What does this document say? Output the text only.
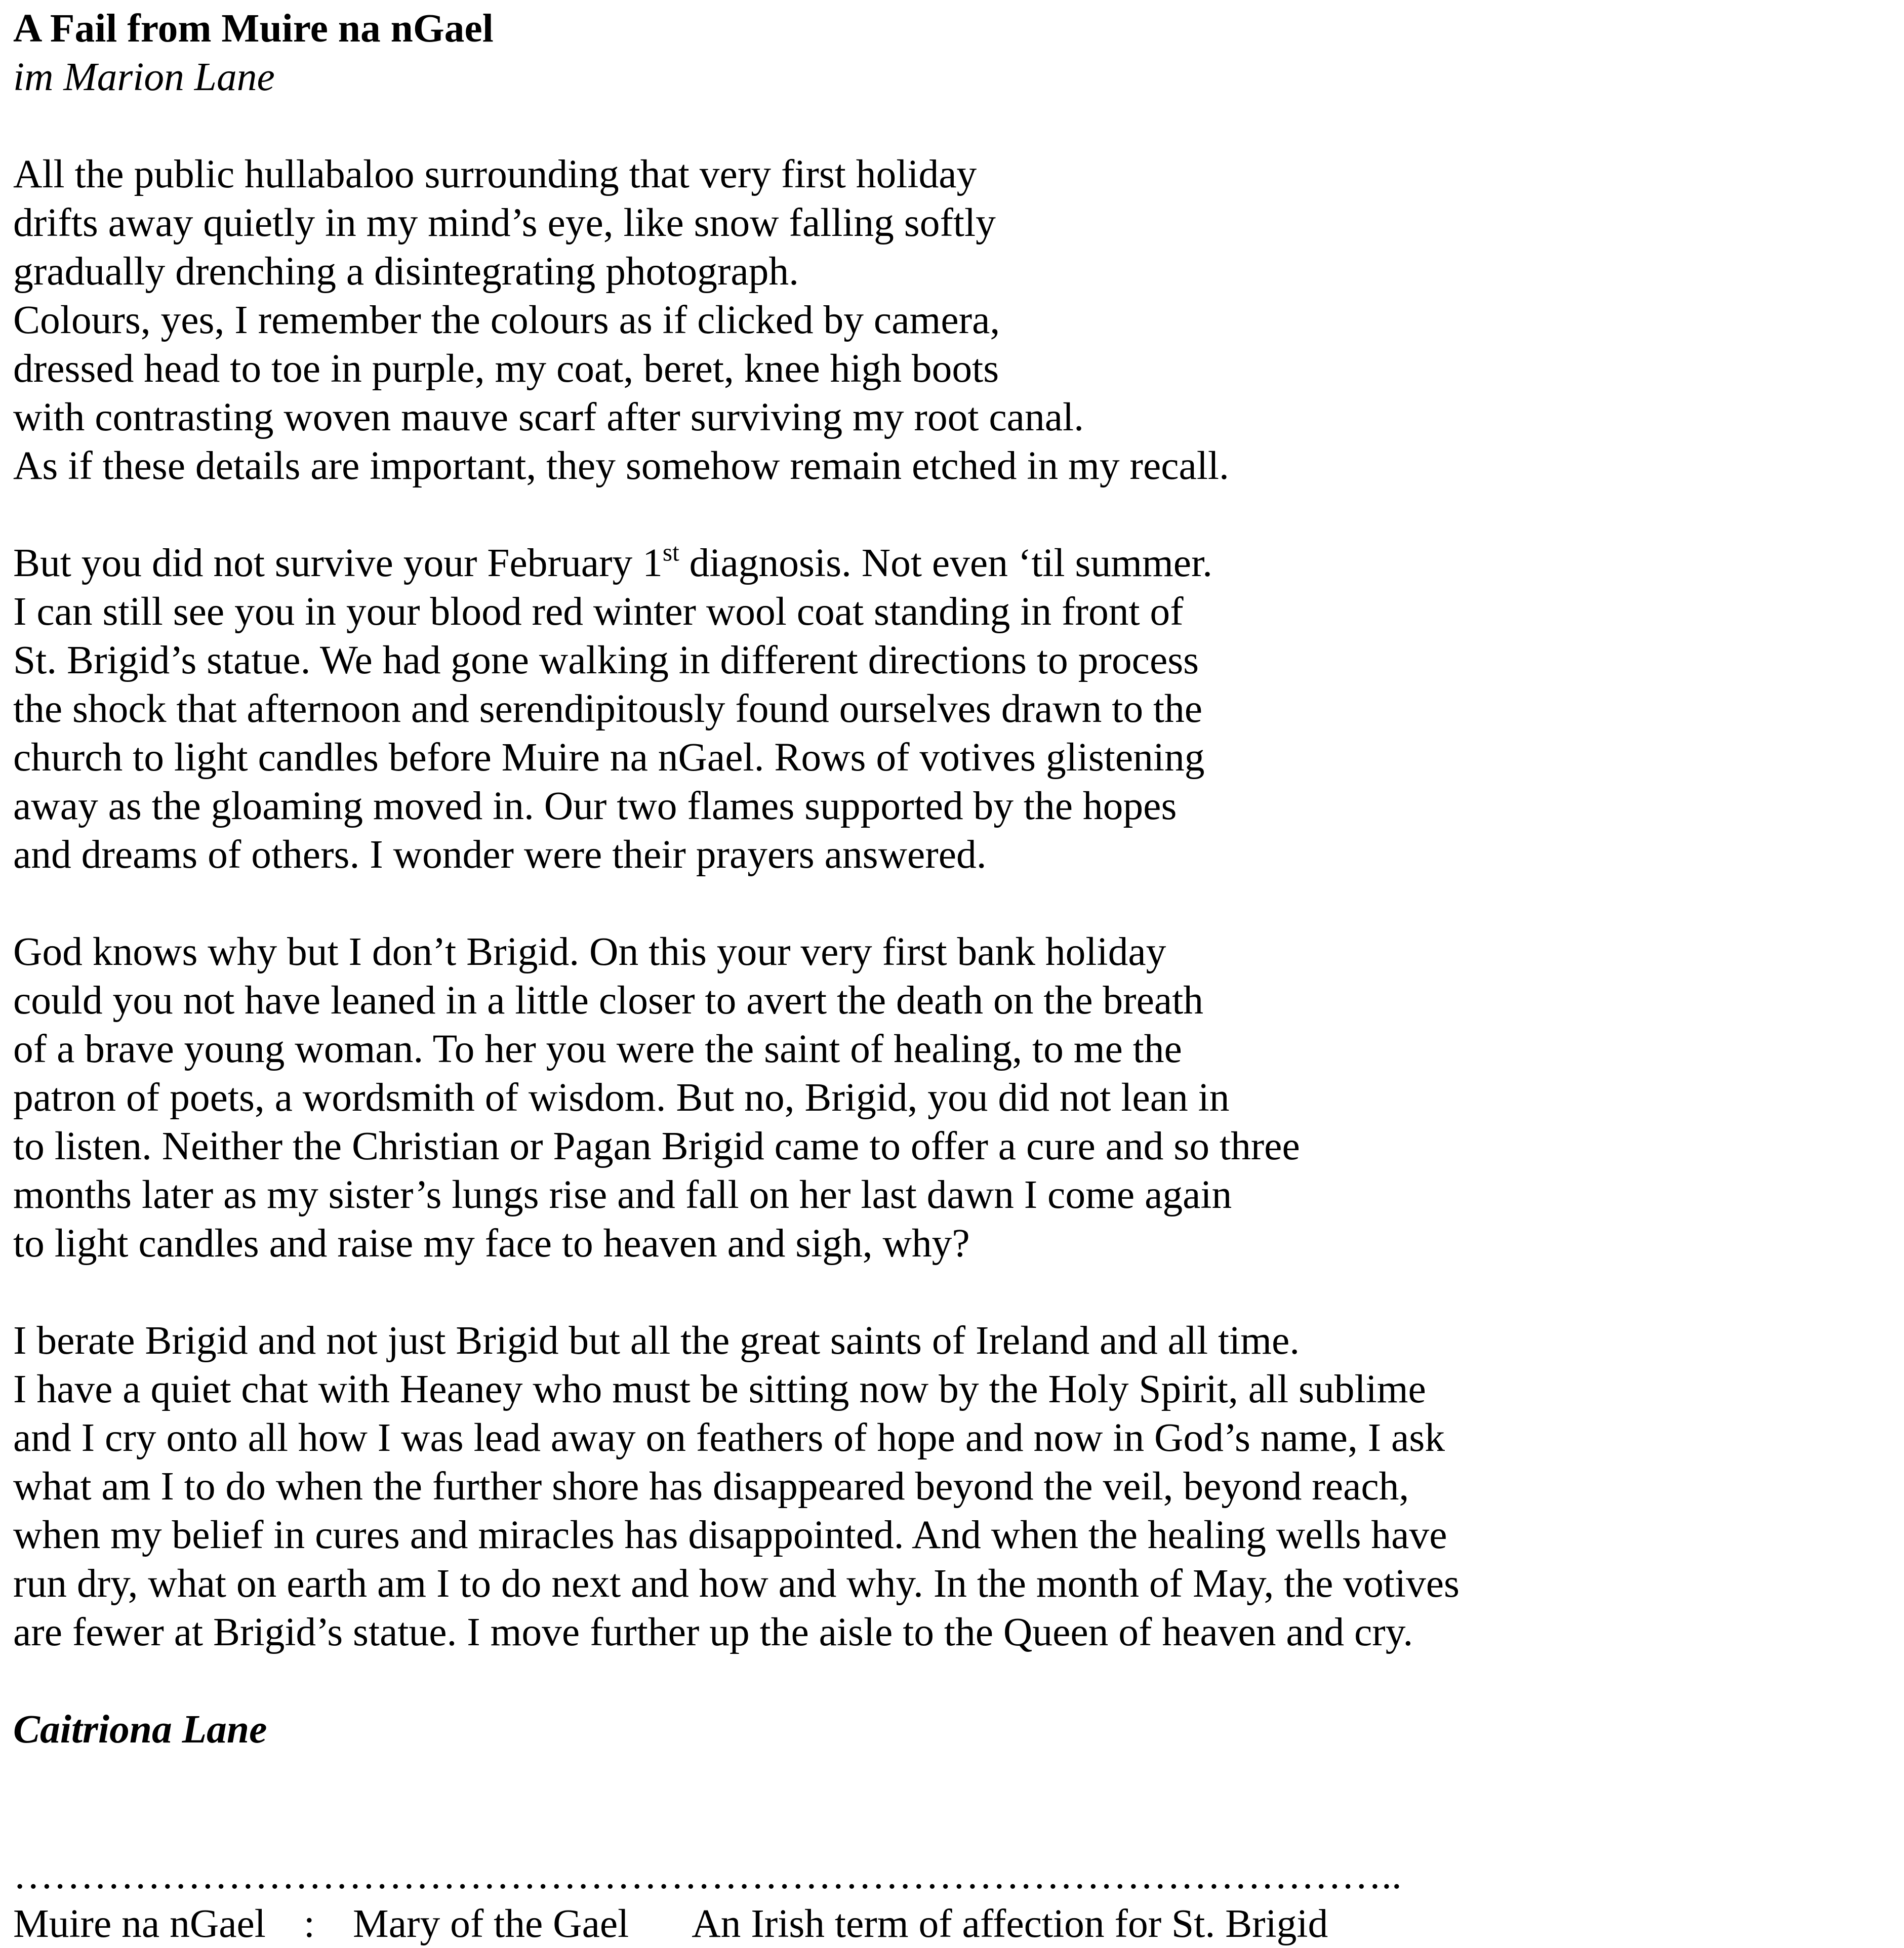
A Fail from Muire na nGael
im Marion Lane
All the public hullabaloo surrounding that very first holiday
drifts away quietly in my mind’s eye, like snow falling softly
gradually drenching a disintegrating photograph.
Colours, yes, I remember the colours as if clicked by camera,
dressed head to toe in purple, my coat, beret, knee high boots
with contrasting woven mauve scarf after surviving my root canal.
As if these details are important, they somehow remain etched in my recall.
But you did not survive your February 1st diagnosis. Not even ‘til summer.
I can still see you in your blood red winter wool coat standing in front of
St. Brigid’s statue. We had gone walking in different directions to process
the shock that afternoon and serendipitously found ourselves drawn to the
church to light candles before Muire na nGael. Rows of votives glistening
away as the gloaming moved in. Our two flames supported by the hopes
and dreams of others. I wonder were their prayers answered.
God knows why but I don’t Brigid. On this your very first bank holiday
could you not have leaned in a little closer to avert the death on the breath
of a brave young woman. To her you were the saint of healing, to me the
patron of poets, a wordsmith of wisdom. But no, Brigid, you did not lean in
to listen. Neither the Christian or Pagan Brigid came to offer a cure and so three
months later as my sister’s lungs rise and fall on her last dawn I come again
to light candles and raise my face to heaven and sigh, why?
I berate Brigid and not just Brigid but all the great saints of Ireland and all time.
I have a quiet chat with Heaney who must be sitting now by the Holy Spirit, all sublime
and I cry onto all how I was lead away on feathers of hope and now in God’s name, I ask
what am I to do when the further shore has disappeared beyond the veil, beyond reach,
when my belief in cures and miracles has disappointed. And when the healing wells have
run dry, what on earth am I to do next and how and why. In the month of May, the votives
are fewer at Brigid’s statue. I move further up the aisle to the Queen of heaven and cry.
Caitriona Lane
…………………………………………………………………………………………..
Muire na nGael : Mary of the Gael An Irish term of affection for St. Brigid
